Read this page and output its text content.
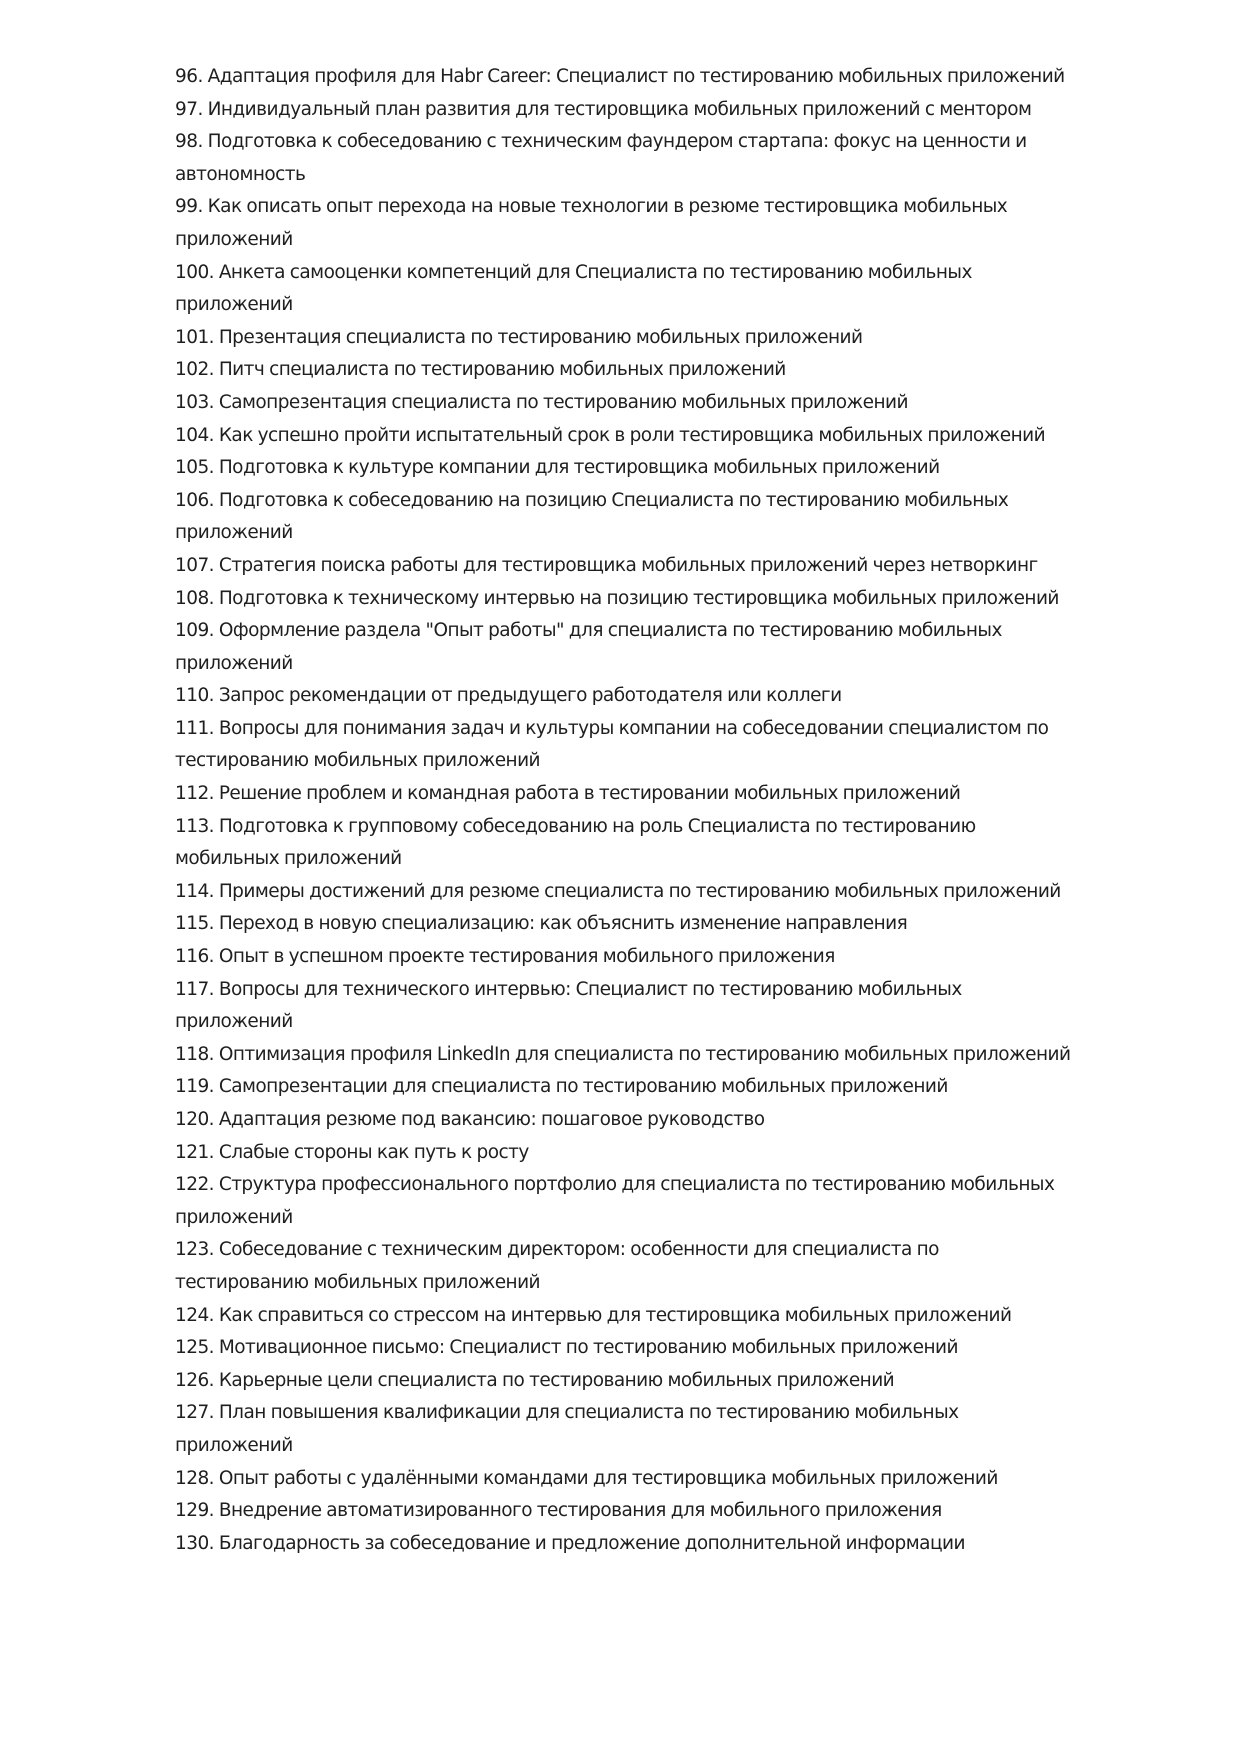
96. Адаптация профиля для Habr Career: Специалист по тестированию мобильных приложений
97. Индивидуальный план развития для тестировщика мобильных приложений с ментором
98. Подготовка к собеседованию с техническим фаундером стартапа: фокус на ценности и автономность
99. Как описать опыт перехода на новые технологии в резюме тестировщика мобильных приложений
100. Анкета самооценки компетенций для Специалиста по тестированию мобильных приложений
101. Презентация специалиста по тестированию мобильных приложений
102. Питч специалиста по тестированию мобильных приложений
103. Самопрезентация специалиста по тестированию мобильных приложений
104. Как успешно пройти испытательный срок в роли тестировщика мобильных приложений
105. Подготовка к культуре компании для тестировщика мобильных приложений
106. Подготовка к собеседованию на позицию Специалиста по тестированию мобильных приложений
107. Стратегия поиска работы для тестировщика мобильных приложений через нетворкинг
108. Подготовка к техническому интервью на позицию тестировщика мобильных приложений
109. Оформление раздела "Опыт работы" для специалиста по тестированию мобильных приложений
110. Запрос рекомендации от предыдущего работодателя или коллеги
111. Вопросы для понимания задач и культуры компании на собеседовании специалистом по тестированию мобильных приложений
112. Решение проблем и командная работа в тестировании мобильных приложений
113. Подготовка к групповому собеседованию на роль Специалиста по тестированию мобильных приложений
114. Примеры достижений для резюме специалиста по тестированию мобильных приложений
115. Переход в новую специализацию: как объяснить изменение направления
116. Опыт в успешном проекте тестирования мобильного приложения
117. Вопросы для технического интервью: Специалист по тестированию мобильных приложений
118. Оптимизация профиля LinkedIn для специалиста по тестированию мобильных приложений
119. Самопрезентации для специалиста по тестированию мобильных приложений
120. Адаптация резюме под вакансию: пошаговое руководство
121. Слабые стороны как путь к росту
122. Структура профессионального портфолио для специалиста по тестированию мобильных приложений
123. Собеседование с техническим директором: особенности для специалиста по тестированию мобильных приложений
124. Как справиться со стрессом на интервью для тестировщика мобильных приложений
125. Мотивационное письмо: Специалист по тестированию мобильных приложений
126. Карьерные цели специалиста по тестированию мобильных приложений
127. План повышения квалификации для специалиста по тестированию мобильных приложений
128. Опыт работы с удалёнными командами для тестировщика мобильных приложений
129. Внедрение автоматизированного тестирования для мобильного приложения
130. Благодарность за собеседование и предложение дополнительной информации
